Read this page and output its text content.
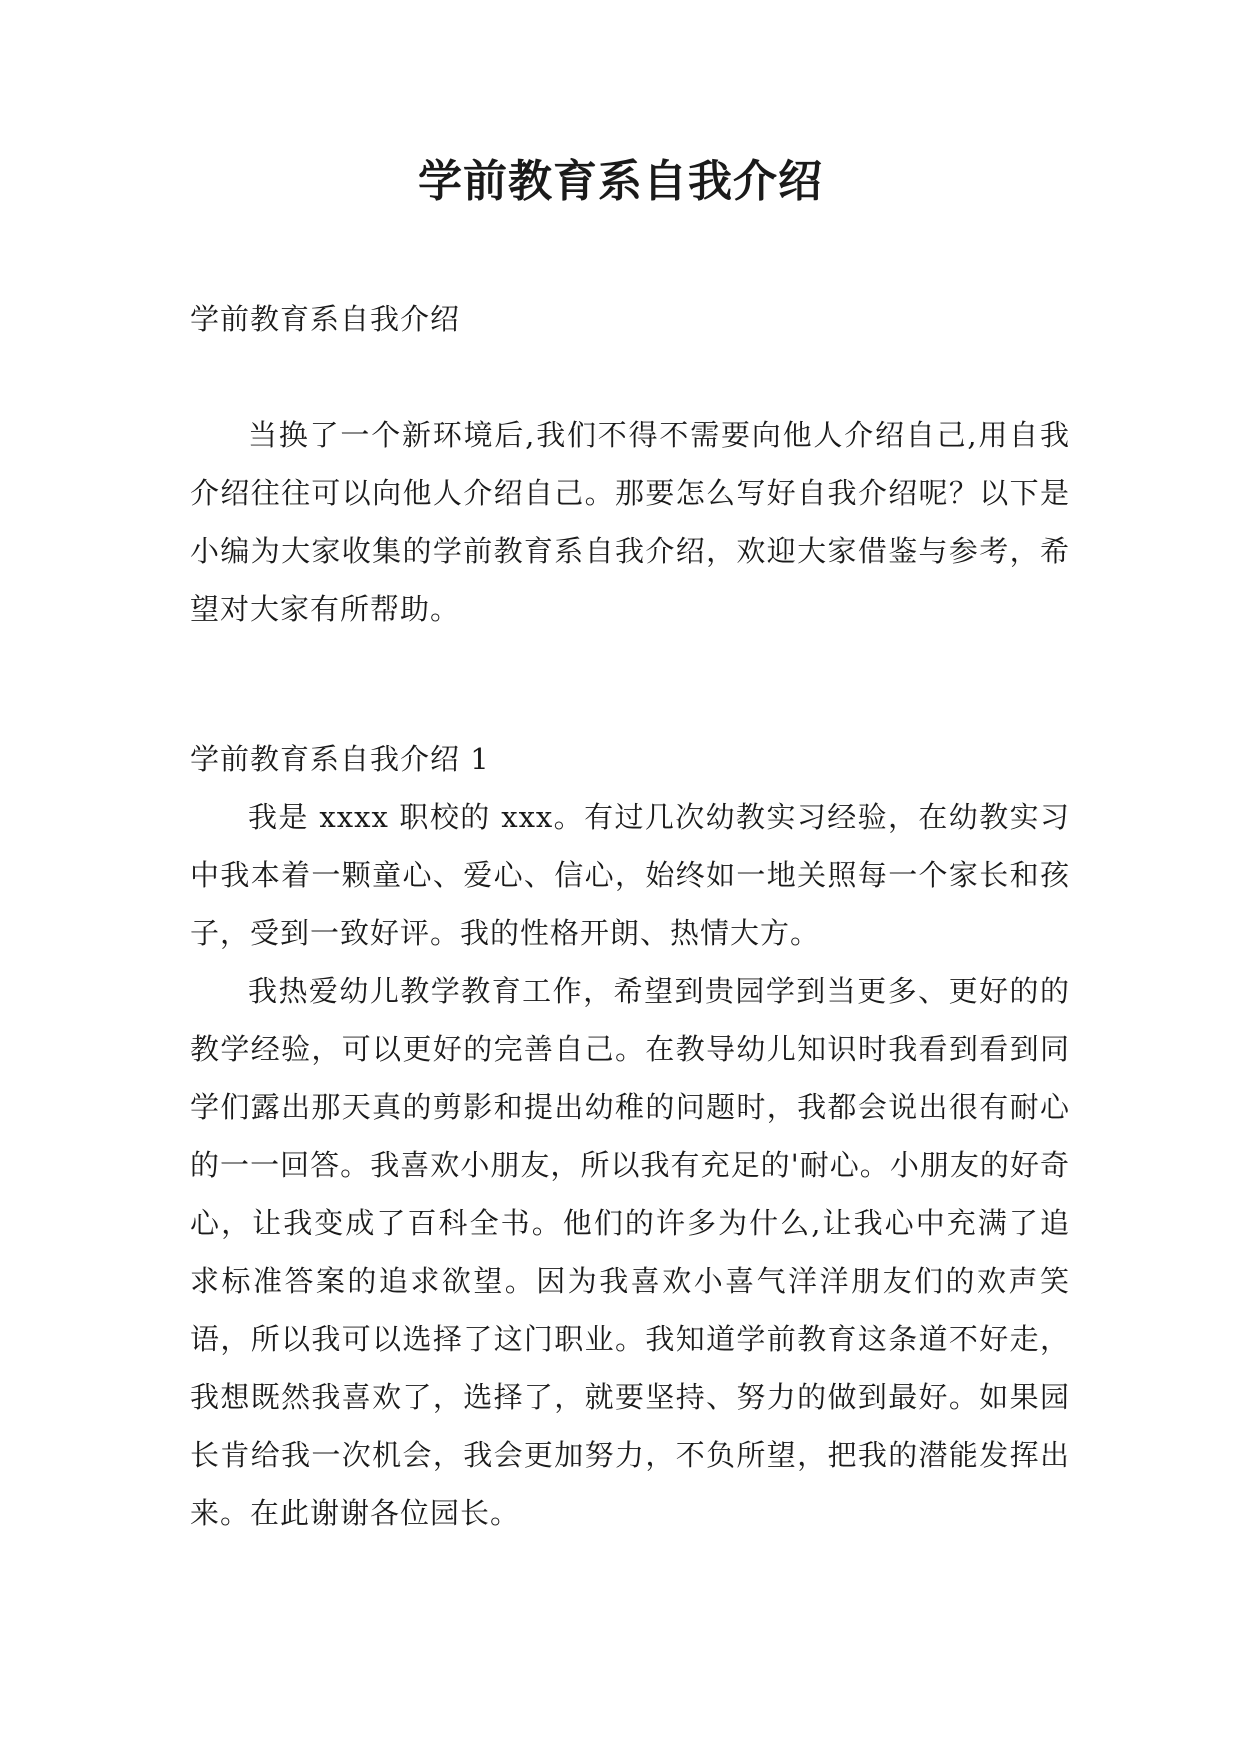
学前教育系自我介绍

学前教育系自我介绍

当换了一个新环境后,我们不得不需要向他人介绍自己,用自我介绍往往可以向他人介绍自己。那要怎么写好自我介绍呢？以下是小编为大家收集的学前教育系自我介绍，欢迎大家借鉴与参考，希望对大家有所帮助。

学前教育系自我介绍 1

我是 xxxx 职校的 xxx。有过几次幼教实习经验，在幼教实习中我本着一颗童心、爱心、信心，始终如一地关照每一个家长和孩子，受到一致好评。我的性格开朗、热情大方。

我热爱幼儿教学教育工作，希望到贵园学到当更多、更好的的教学经验，可以更好的完善自己。在教导幼儿知识时我看到看到同学们露出那天真的剪影和提出幼稚的问题时，我都会说出很有耐心的一一回答。我喜欢小朋友，所以我有充足的'耐心。小朋友的好奇心，让我变成了百科全书。他们的许多为什么,让我心中充满了追求标准答案的追求欲望。因为我喜欢小喜气洋洋朋友们的欢声笑语，所以我可以选择了这门职业。我知道学前教育这条道不好走，我想既然我喜欢了，选择了，就要坚持、努力的做到最好。如果园长肯给我一次机会，我会更加努力，不负所望，把我的潜能发挥出来。在此谢谢各位园长。
